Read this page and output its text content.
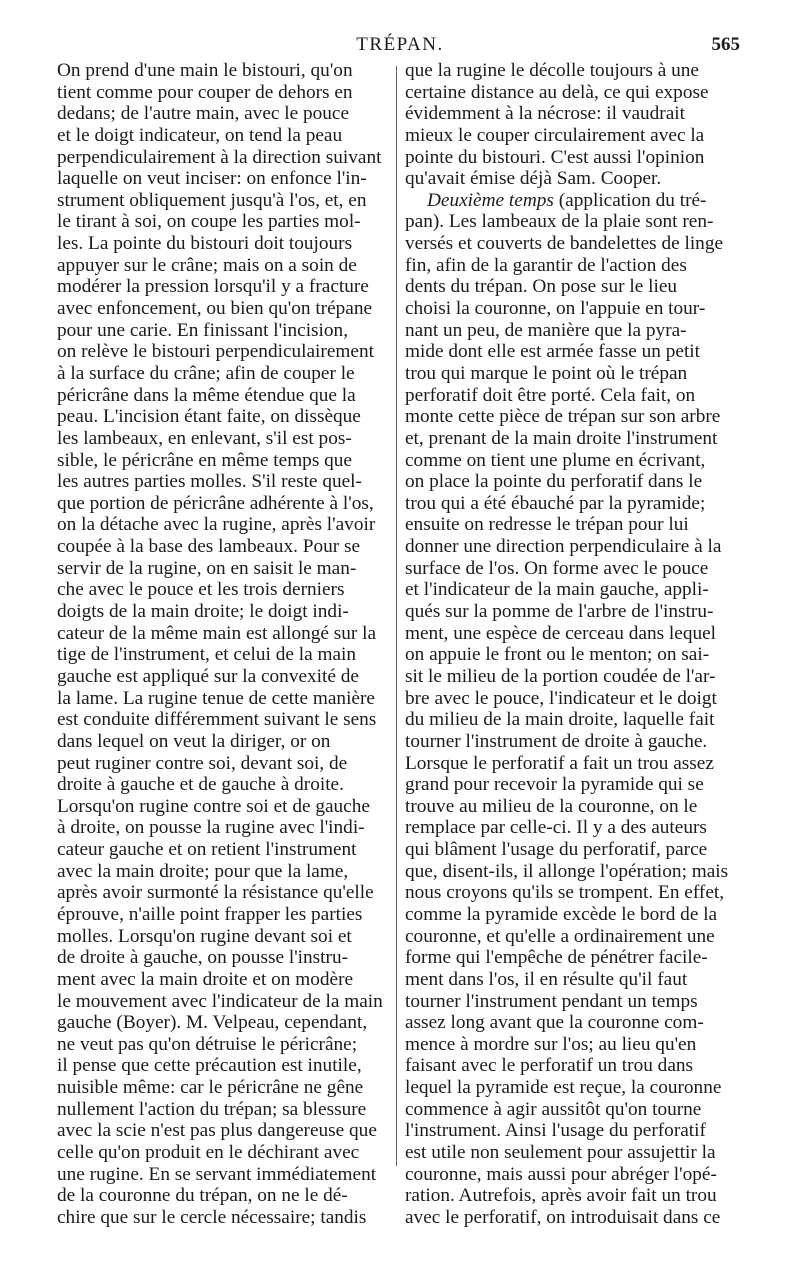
TRÉPAN.	565
On prend d'une main le bistouri, qu'on
tient comme pour couper de dehors en
dedans; de l'autre main, avec le pouce
et le doigt indicateur, on tend la peau
perpendiculairement à la direction suivant
laquelle on veut inciser: on enfonce l'in-
strument obliquement jusqu'à l'os, et, en
le tirant à soi, on coupe les parties mol-
les. La pointe du bistouri doit toujours
appuyer sur le crâne; mais on a soin de
modérer la pression lorsqu'il y a fracture
avec enfoncement, ou bien qu'on trépane
pour une carie. En finissant l'incision,
on relève le bistouri perpendiculairement
à la surface du crâne; afin de couper le
péricrâne dans la même étendue que la
peau. L'incision étant faite, on dissèque
les lambeaux, en enlevant, s'il est pos-
sible, le péricrâne en même temps que
les autres parties molles. S'il reste quel-
que portion de péricrâne adhérente à l'os,
on la détache avec la rugine, après l'avoir
coupée à la base des lambeaux. Pour se
servir de la rugine, on en saisit le man-
che avec le pouce et les trois derniers
doigts de la main droite; le doigt indi-
cateur de la même main est allongé sur la
tige de l'instrument, et celui de la main
gauche est appliqué sur la convexité de
la lame. La rugine tenue de cette manière
est conduite différemment suivant le sens
dans lequel on veut la diriger, or on
peut ruginer contre soi, devant soi, de
droite à gauche et de gauche à droite.
Lorsqu'on rugine contre soi et de gauche
à droite, on pousse la rugine avec l'indi-
cateur gauche et on retient l'instrument
avec la main droite; pour que la lame,
après avoir surmonté la résistance qu'elle
éprouve, n'aille point frapper les parties
molles. Lorsqu'on rugine devant soi et
de droite à gauche, on pousse l'instru-
ment avec la main droite et on modère
le mouvement avec l'indicateur de la main
gauche (Boyer). M. Velpeau, cependant,
ne veut pas qu'on détruise le péricrâne;
il pense que cette précaution est inutile,
nuisible même: car le péricrâne ne gêne
nullement l'action du trépan; sa blessure
avec la scie n'est pas plus dangereuse que
celle qu'on produit en le déchirant avec
une rugine. En se servant immédiatement
de la couronne du trépan, on ne le dé-
chire que sur le cercle nécessaire; tandis
que la rugine le décolle toujours à une
certaine distance au delà, ce qui expose
évidemment à la nécrose: il vaudrait
mieux le couper circulairement avec la
pointe du bistouri. C'est aussi l'opinion
qu'avait émise déjà Sam. Cooper.
Deuxième temps (application du tré-
pan). Les lambeaux de la plaie sont ren-
versés et couverts de bandelettes de linge
fin, afin de la garantir de l'action des
dents du trépan. On pose sur le lieu
choisi la couronne, on l'appuie en tour-
nant un peu, de manière que la pyra-
mide dont elle est armée fasse un petit
trou qui marque le point où le trépan
perforatif doit être porté. Cela fait, on
monte cette pièce de trépan sur son arbre
et, prenant de la main droite l'instrument
comme on tient une plume en écrivant,
on place la pointe du perforatif dans le
trou qui a été ébauché par la pyramide;
ensuite on redresse le trépan pour lui
donner une direction perpendiculaire à la
surface de l'os. On forme avec le pouce
et l'indicateur de la main gauche, appli-
qués sur la pomme de l'arbre de l'instru-
ment, une espèce de cerceau dans lequel
on appuie le front ou le menton; on sai-
sit le milieu de la portion coudée de l'ar-
bre avec le pouce, l'indicateur et le doigt
du milieu de la main droite, laquelle fait
tourner l'instrument de droite à gauche.
Lorsque le perforatif a fait un trou assez
grand pour recevoir la pyramide qui se
trouve au milieu de la couronne, on le
remplace par celle-ci. Il y a des auteurs
qui blâment l'usage du perforatif, parce
que, disent-ils, il allonge l'opération; mais
nous croyons qu'ils se trompent. En effet,
comme la pyramide excède le bord de la
couronne, et qu'elle a ordinairement une
forme qui l'empêche de pénétrer facile-
ment dans l'os, il en résulte qu'il faut
tourner l'instrument pendant un temps
assez long avant que la couronne com-
mence à mordre sur l'os; au lieu qu'en
faisant avec le perforatif un trou dans
lequel la pyramide est reçue, la couronne
commence à agir aussitôt qu'on tourne
l'instrument. Ainsi l'usage du perforatif
est utile non seulement pour assujettir la
couronne, mais aussi pour abréger l'opé-
ration. Autrefois, après avoir fait un trou
avec le perforatif, on introduisait dans ce
